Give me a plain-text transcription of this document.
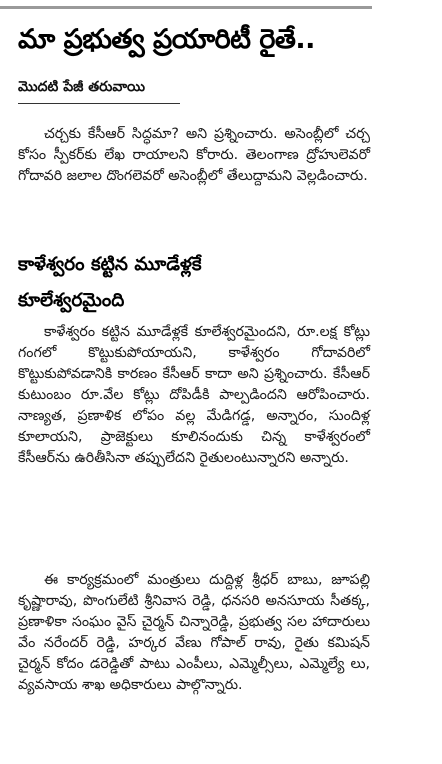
మా ప్రభుత్వ ప్రయారిటీ రైతే..
మొదటి పేజీ తరువాయి

చర్చకు కేసీఆర్ సిద్ధమా? అని ప్రశ్నించారు. అసెంబ్లీలో చర్చ కోసం స్పీకర్‌కు లేఖ రాయాలని కోరారు. తెలంగాణ ద్రోహులెవరో గోదావరి జలాల దొంగలెవరో అసెంబ్లీలో తేలుద్దామని వెల్లడించారు.

కాళేశ్వరం కట్టిన మూడేళ్లకే

కూలేశ్వరమైంది

కాళేశ్వరం కట్టిన మూడేళ్లకే కూలేశ్వరమైందని, రూ.లక్ష కోట్లు గంగలో కొట్టుకుపోయాయని, కాళేశ్వరం గోదావరిలో కొట్టుకుపోవడానికి కారణం కేసీఆర్ కాదా అని ప్రశ్నించారు. కేసీఆర్ కుటుంబం రూ.వేల కోట్లు దోపిడీకి పాల్పడిందని ఆరోపించారు. నాణ్యత, ప్రణాళిక లోపం వల్ల మేడిగడ్డ, అన్నారం, సుందిళ్ల కూలాయని, ప్రాజెక్టులు కూలినందుకు చిన్న కాళేశ్వరంలో కేసీఆర్‌ను ఉరితీసినా తప్పులేదని రైతులంటున్నారని అన్నారు.

ఈ కార్యక్రమంలో మంత్రులు దుద్దిళ్ల శ్రీధర్ బాబు, జూపల్లి కృష్ణారావు, పొంగులేటి శ్రీనివాస రెడ్డి, ధనసరి అనసూయ సీతక్క, ప్రణాళికా సంఘం వైస్ చైర్మన్ చిన్నారెడ్డి, ప్రభుత్వ సల హాదారులు వేం నరేందర్ రెడ్డి, హర్కర వేణు గోపాల్ రావు, రైతు కమిషన్ చైర్మన్ కోదం డరెడ్డితో పాటు ఎంపీలు, ఎమ్మెల్సీలు, ఎమ్మెల్యే లు, వ్యవసాయ శాఖ అధికారులు పాల్గొన్నారు.
